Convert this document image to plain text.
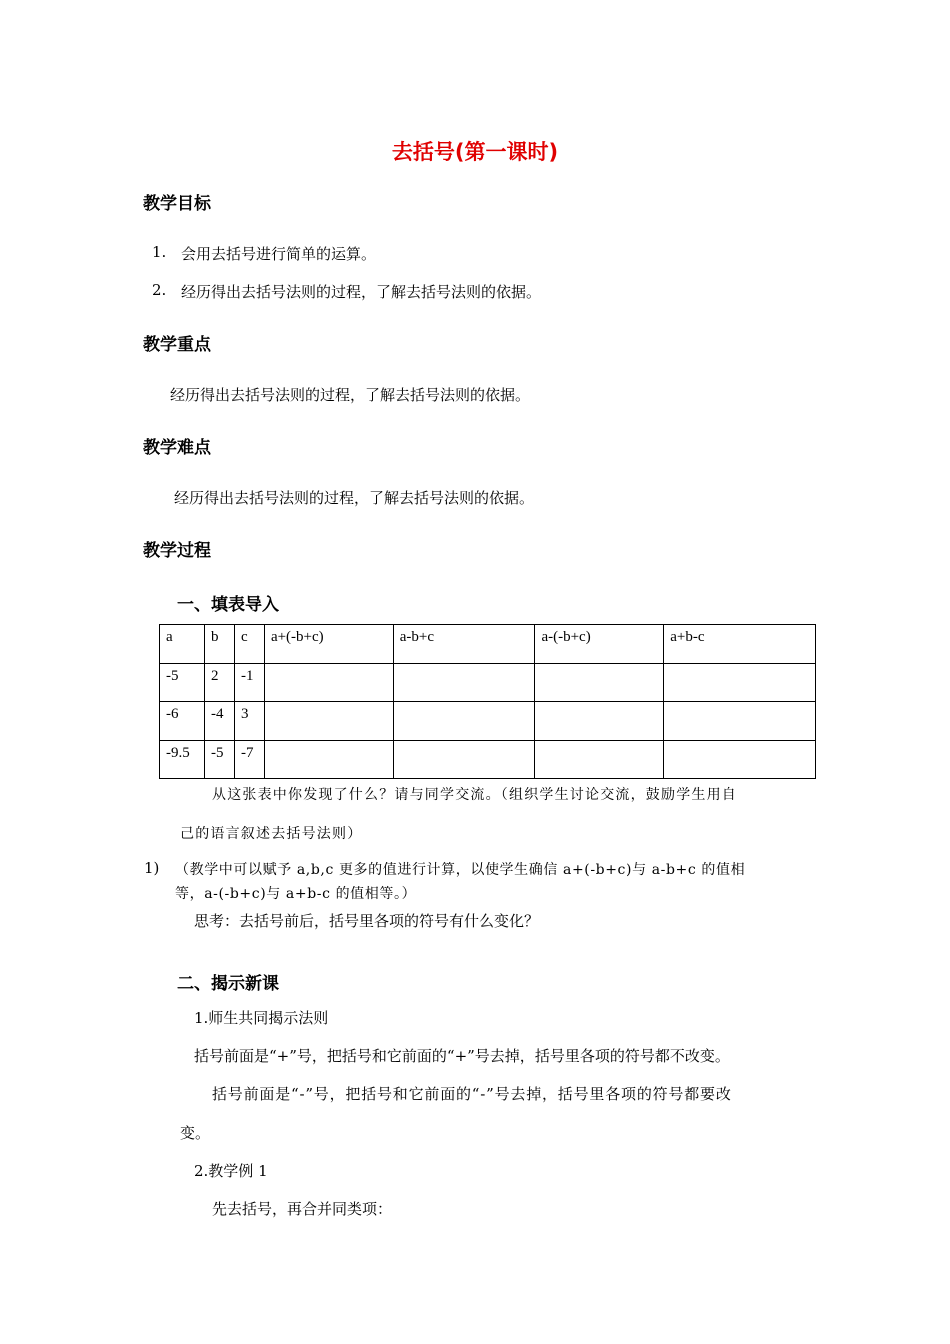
去括号(第一课时)
教学目标
1. 会用去括号进行简单的运算。
2. 经历得出去括号法则的过程，了解去括号法则的依据。
教学重点
经历得出去括号法则的过程，了解去括号法则的依据。
教学难点
经历得出去括号法则的过程，了解去括号法则的依据。
教学过程
一、填表导入
a	b	c	a+(-b+c)	a-b+c	a-(-b+c)	a+b-c
-5	2	-1				
-6	-4	3				
-9.5	-5	-7				
从这张表中你发现了什么？请与同学交流。（组织学生讨论交流，鼓励学生用自
己的语言叙述去括号法则）
1) （教学中可以赋予 a,b,c 更多的值进行计算，以使学生确信 a+(-b+c)与 a-b+c 的值相
等，a-(-b+c)与 a+b-c 的值相等。）
思考：去括号前后，括号里各项的符号有什么变化？
二、揭示新课
1.师生共同揭示法则
括号前面是“+”号，把括号和它前面的“+”号去掉，括号里各项的符号都不改变。
括号前面是“-”号，把括号和它前面的“-”号去掉，括号里各项的符号都要改
变。
2.教学例 1
先去括号，再合并同类项：
